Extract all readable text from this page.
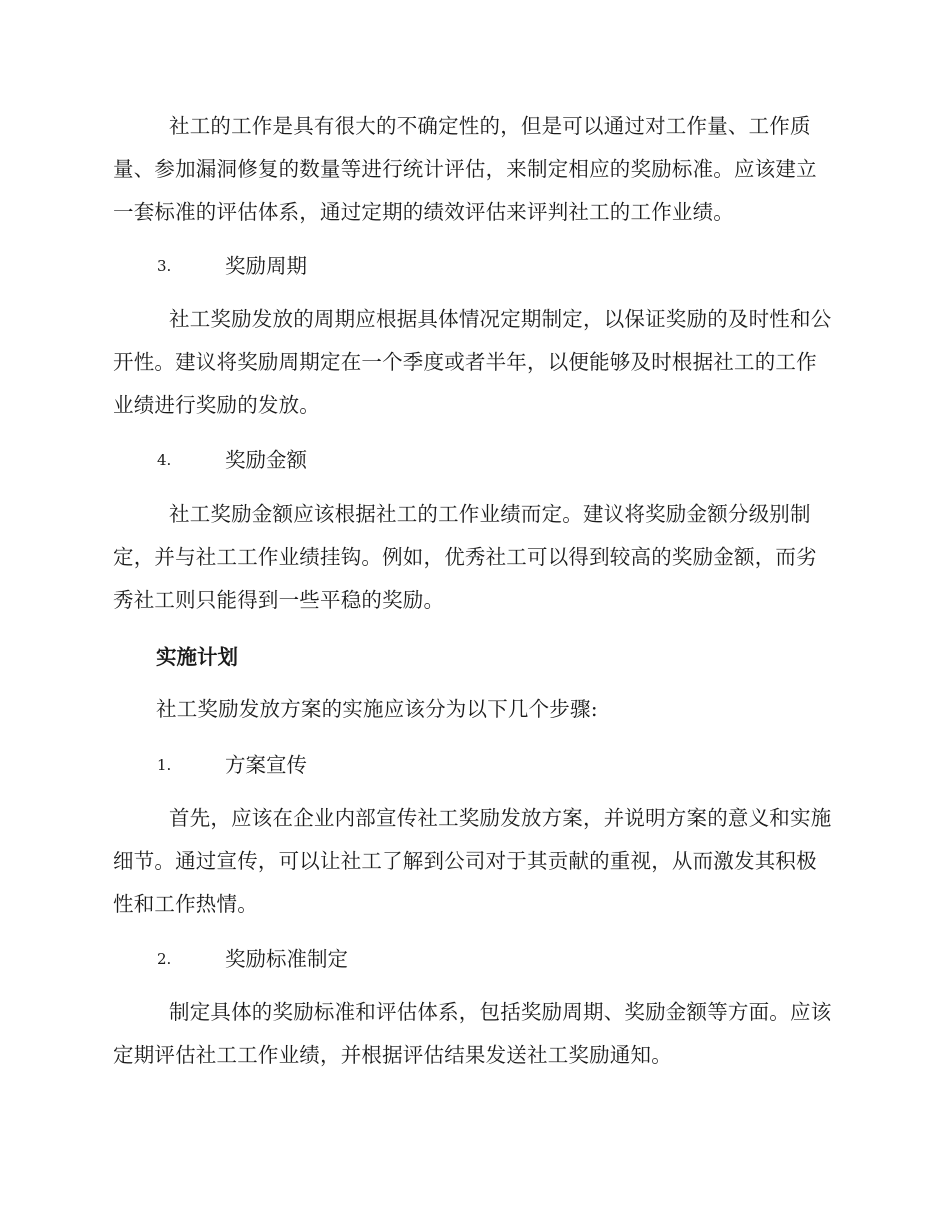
社工的工作是具有很大的不确定性的，但是可以通过对工作量、工作质量、参加漏洞修复的数量等进行统计评估，来制定相应的奖励标准。应该建立一套标准的评估体系，通过定期的绩效评估来评判社工的工作业绩。

3.	奖励周期

社工奖励发放的周期应根据具体情况定期制定，以保证奖励的及时性和公开性。建议将奖励周期定在一个季度或者半年，以便能够及时根据社工的工作业绩进行奖励的发放。

4.	奖励金额

社工奖励金额应该根据社工的工作业绩而定。建议将奖励金额分级别制定，并与社工工作业绩挂钩。例如，优秀社工可以得到较高的奖励金额，而劣秀社工则只能得到一些平稳的奖励。

实施计划

社工奖励发放方案的实施应该分为以下几个步骤:

1.	方案宣传

首先，应该在企业内部宣传社工奖励发放方案，并说明方案的意义和实施细节。通过宣传，可以让社工了解到公司对于其贡献的重视，从而激发其积极性和工作热情。

2.	奖励标准制定

制定具体的奖励标准和评估体系，包括奖励周期、奖励金额等方面。应该定期评估社工工作业绩，并根据评估结果发送社工奖励通知。
